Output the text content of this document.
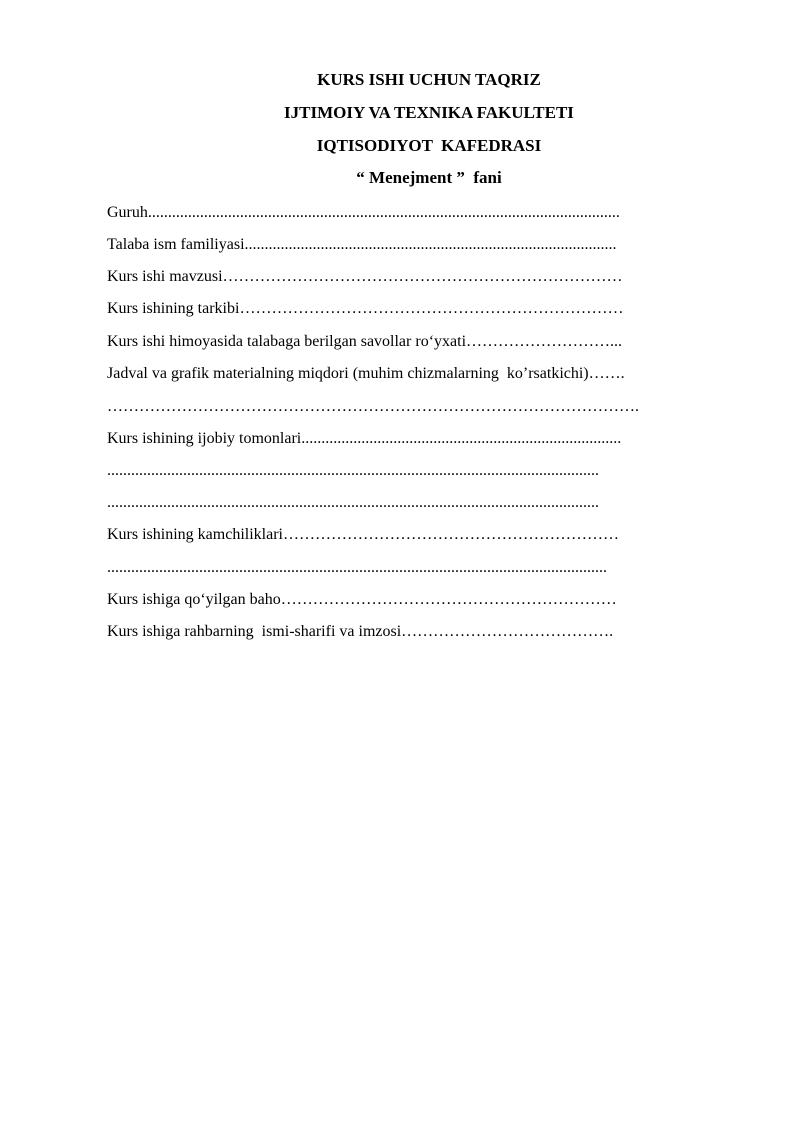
KURS ISHI UCHUN TAQRIZ
IJTIMOIY VA TEXNIKA FAKULTETI
IQTISODIYOT  KAFEDRASI
“ Menejment ”  fani
Guruh......................................................................................................................
Talaba ism familiyasi.............................................................................................
Kurs ishi mavzusi…………………………………………………………………
Kurs ishining tarkibi………………………………………………………………
Kurs ishi himoyasida talabaga berilgan savollar ro‘yxati………………………...
Jadval va grafik materialning miqdori (muhim chizmalarning  ko’rsatkichi)…….
……………………………………………………………………………………….
Kurs ishining ijobiy tomonlari................................................................................
...........................................................................................................................
...........................................................................................................................
Kurs ishining kamchiliklari………………………………………………………
.............................................................................................................................
Kurs ishiga qo‘yilgan baho………………………………………………………
Kurs ishiga rahbarning  ismi-sharifi va imzosi………………………………….
